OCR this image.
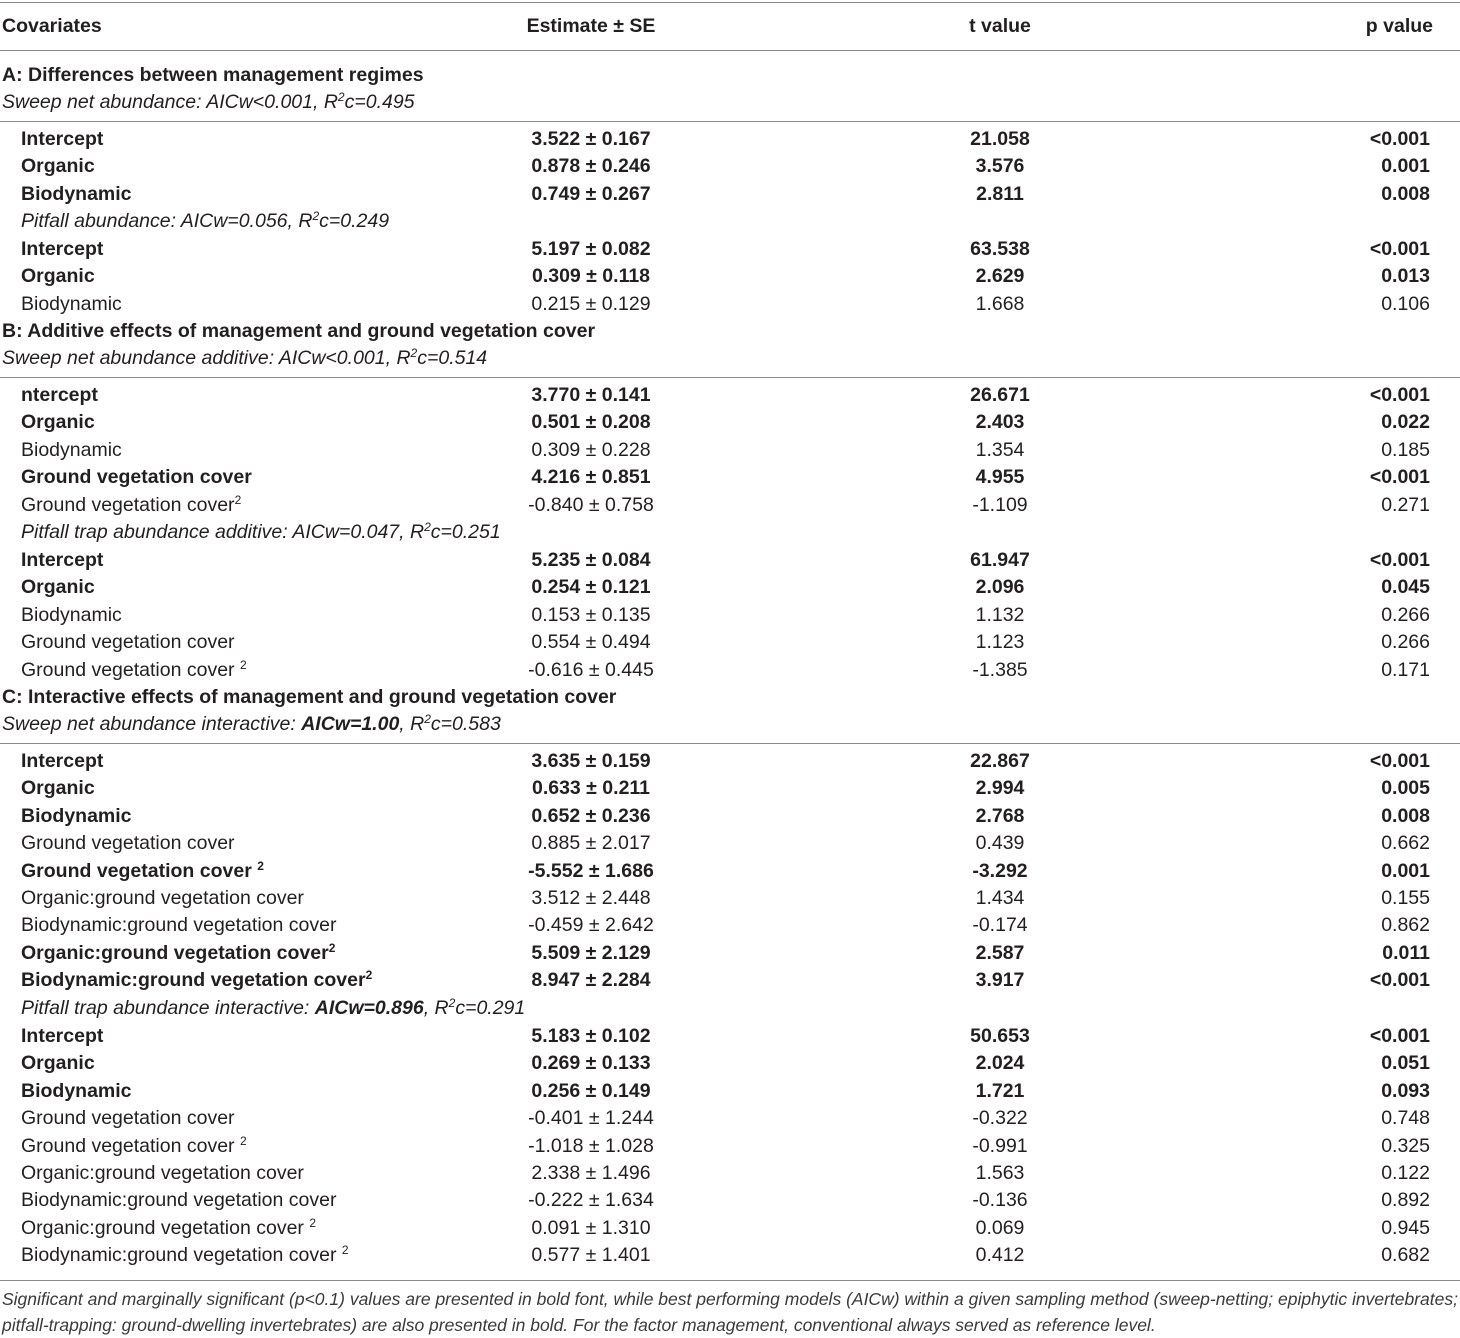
Covariates	Estimate ± SE	t value	p value
A: Differences between management regimes
Sweep net abundance: AICw<0.001, $R^2c=0.495$
Intercept	3.522 ± 0.167	21.058	<0.001
Organic	0.878 ± 0.246	3.576	0.001
Biodynamic	0.749 ± 0.267	2.811	0.008
Pitfall abundance: AICw=0.056, $R^2c=0.249$
Intercept	5.197 ± 0.082	63.538	<0.001
Organic	0.309 ± 0.118	2.629	0.013
Biodynamic	0.215 ± 0.129	1.668	0.106
B: Additive effects of management and ground vegetation cover
Sweep net abundance additive: AICw<0.001, $R^2c=0.514$
ntercept	3.770 ± 0.141	26.671	<0.001
Organic	0.501 ± 0.208	2.403	0.022
Biodynamic	0.309 ± 0.228	1.354	0.185
Ground vegetation cover	4.216 ± 0.851	4.955	<0.001
Ground vegetation cover$^2$	-0.840 ± 0.758	-1.109	0.271
Pitfall trap abundance additive: AICw=0.047, $R^2c=0.251$
Intercept	5.235 ± 0.084	61.947	<0.001
Organic	0.254 ± 0.121	2.096	0.045
Biodynamic	0.153 ± 0.135	1.132	0.266
Ground vegetation cover	0.554 ± 0.494	1.123	0.266
Ground vegetation cover $^2$	-0.616 ± 0.445	-1.385	0.171
C: Interactive effects of management and ground vegetation cover
Sweep net abundance interactive: AICw=1.00, $R^2c=0.583$
Intercept	3.635 ± 0.159	22.867	<0.001
Organic	0.633 ± 0.211	2.994	0.005
Biodynamic	0.652 ± 0.236	2.768	0.008
Ground vegetation cover	0.885 ± 2.017	0.439	0.662
Ground vegetation cover $^2$	-5.552 ± 1.686	-3.292	0.001
Organic:ground vegetation cover	3.512 ± 2.448	1.434	0.155
Biodynamic:ground vegetation cover	-0.459 ± 2.642	-0.174	0.862
Organic:ground vegetation cover$^2$	5.509 ± 2.129	2.587	0.011
Biodynamic:ground vegetation cover$^2$	8.947 ± 2.284	3.917	<0.001
Pitfall trap abundance interactive: AICw=0.896, $R^2c=0.291$
Intercept	5.183 ± 0.102	50.653	<0.001
Organic	0.269 ± 0.133	2.024	0.051
Biodynamic	0.256 ± 0.149	1.721	0.093
Ground vegetation cover	-0.401 ± 1.244	-0.322	0.748
Ground vegetation cover $^2$	-1.018 ± 1.028	-0.991	0.325
Organic:ground vegetation cover	2.338 ± 1.496	1.563	0.122
Biodynamic:ground vegetation cover	-0.222 ± 1.634	-0.136	0.892
Organic:ground vegetation cover $^2$	0.091 ± 1.310	0.069	0.945
Biodynamic:ground vegetation cover $^2$	0.577 ± 1.401	0.412	0.682
Significant and marginally significant (p<0.1) values are presented in bold font, while best performing models (AICw) within a given sampling method (sweep-netting; epiphytic invertebrates; pitfall-trapping: ground-dwelling invertebrates) are also presented in bold. For the factor management, conventional always served as reference level.
